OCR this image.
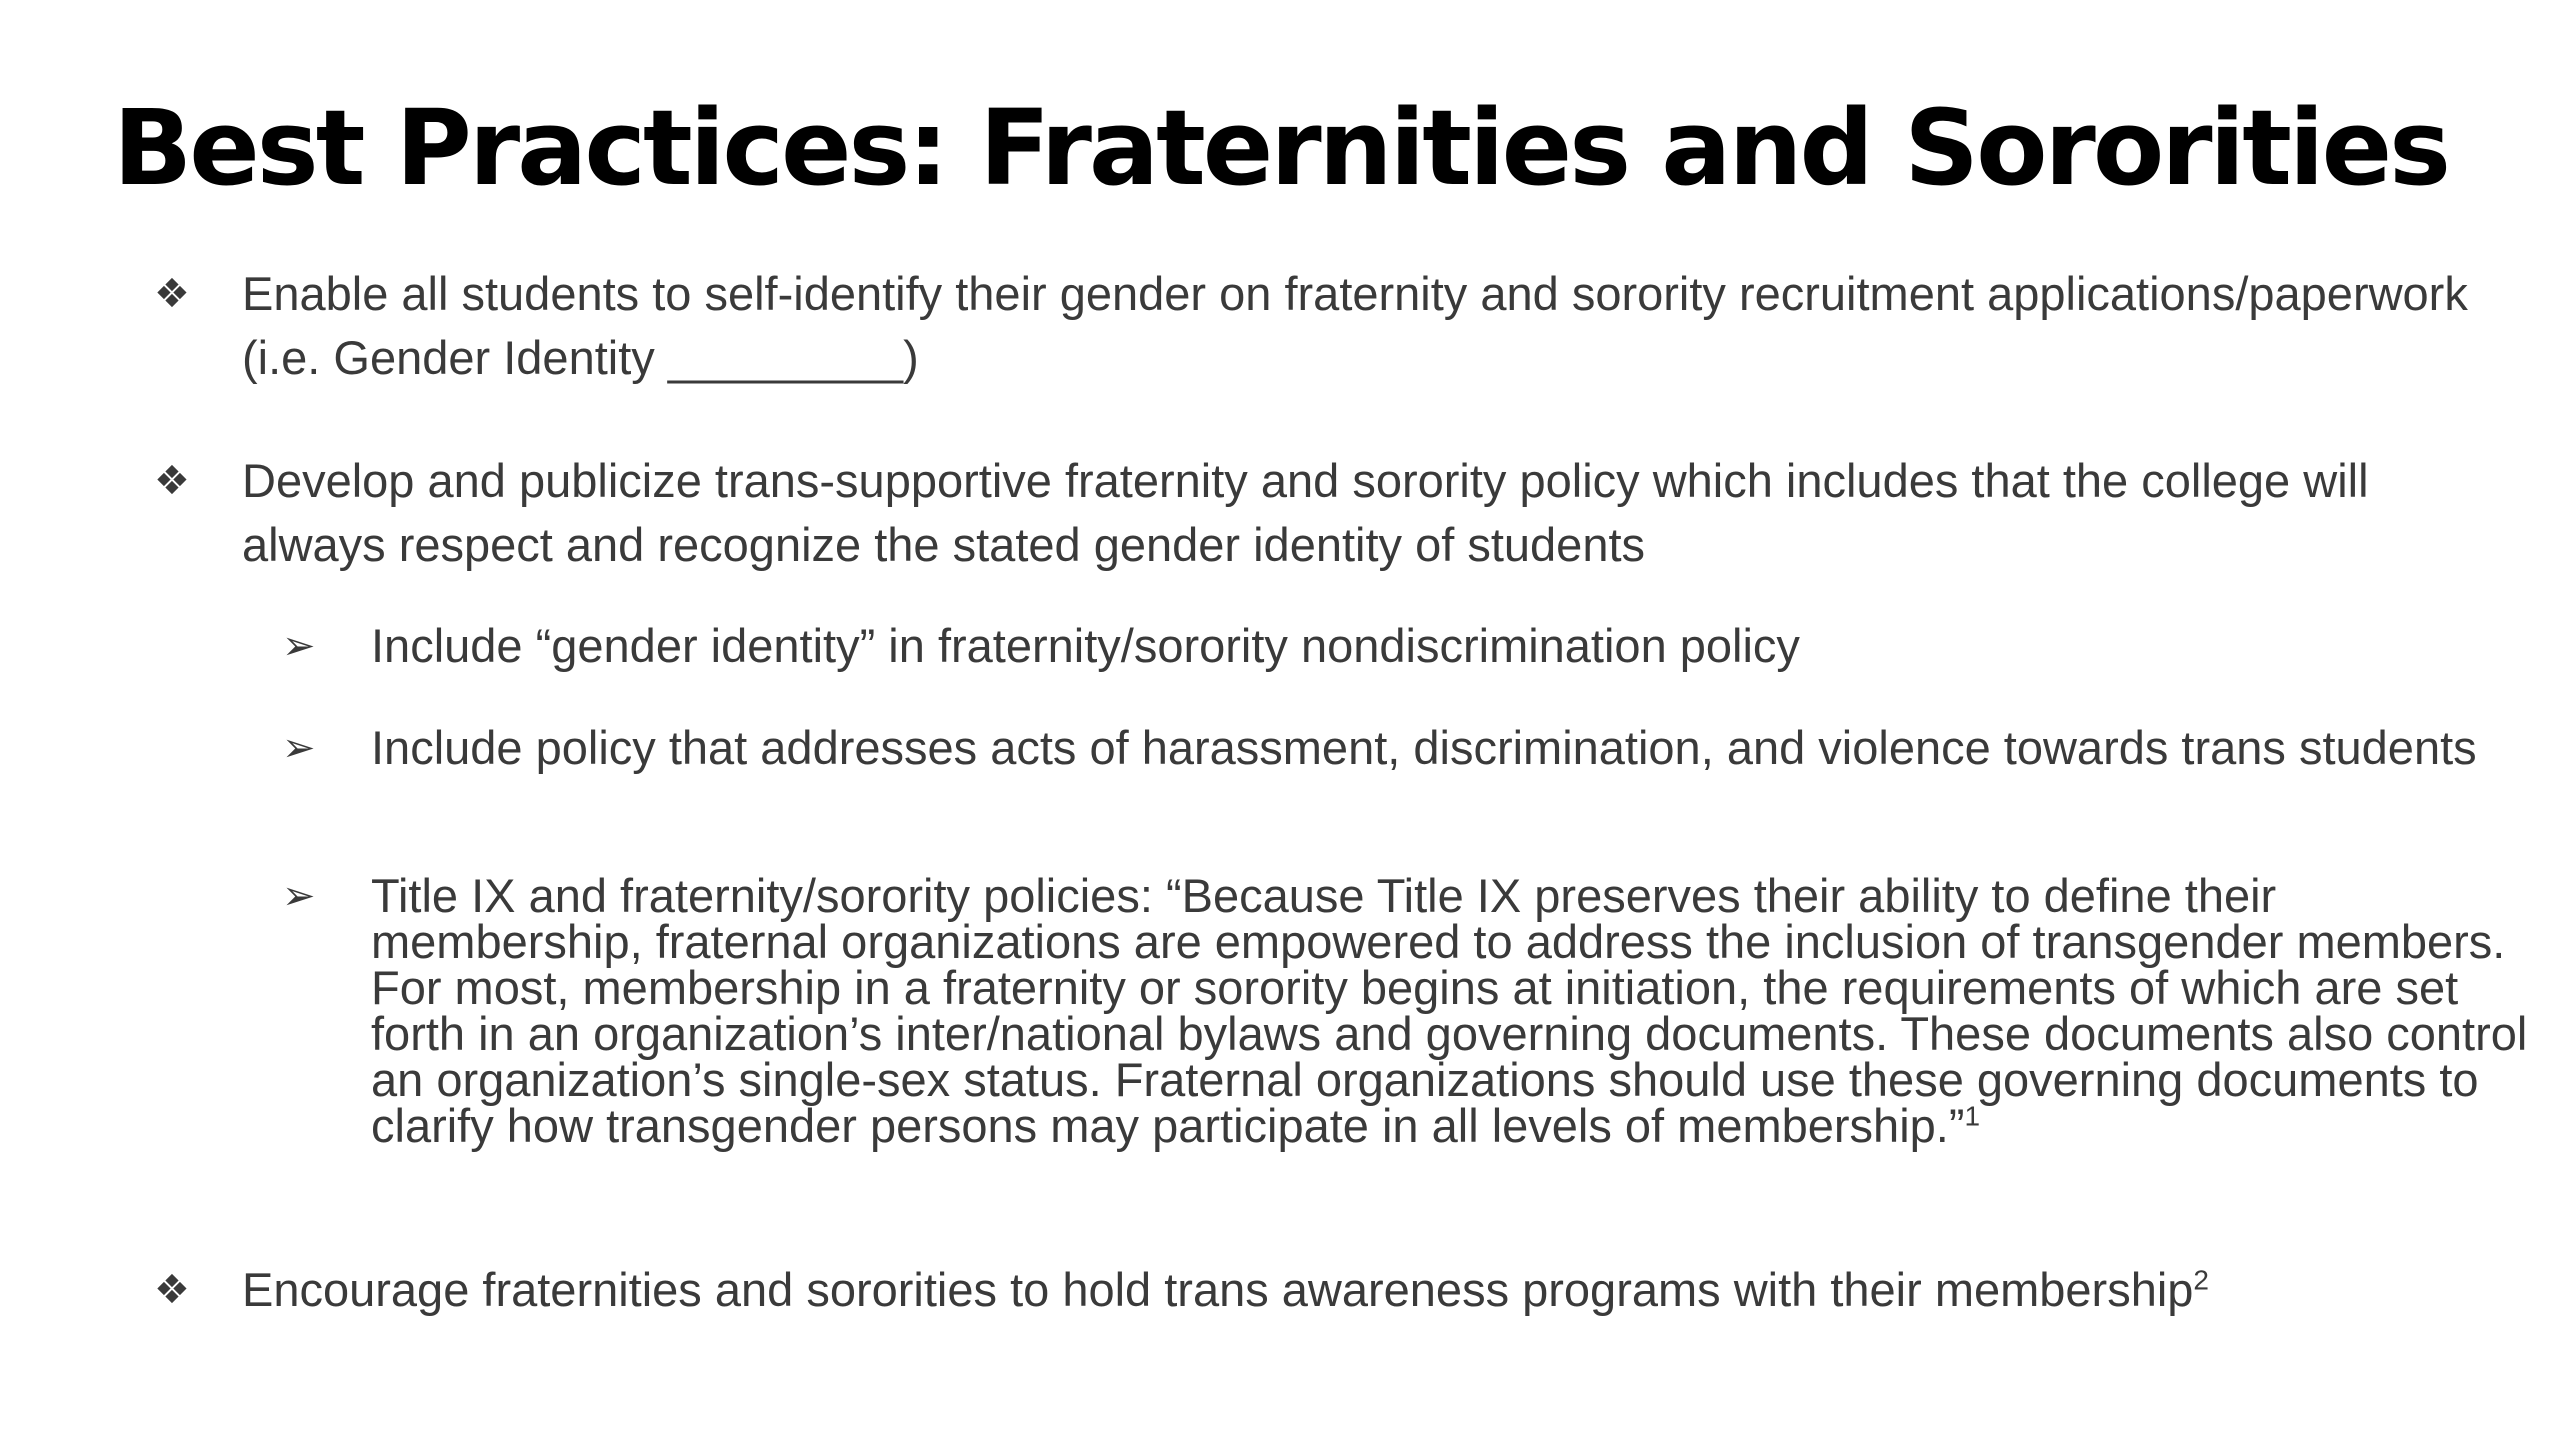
Best Practices: Fraternities and Sororities
❖ Enable all students to self-identify their gender on fraternity and sorority recruitment applications/paperwork (i.e. Gender Identity _________)
❖ Develop and publicize trans-supportive fraternity and sorority policy which includes that the college will always respect and recognize the stated gender identity of students
➢ Include “gender identity” in fraternity/sorority nondiscrimination policy
➢ Include policy that addresses acts of harassment, discrimination, and violence towards trans students
➢ Title IX and fraternity/sorority policies: “Because Title IX preserves their ability to define their membership, fraternal organizations are empowered to address the inclusion of transgender members. For most, membership in a fraternity or sorority begins at initiation, the requirements of which are set forth in an organization’s inter/national bylaws and governing documents. These documents also control an organization’s single-sex status. Fraternal organizations should use these governing documents to clarify how transgender persons may participate in all levels of membership.”$^1$
❖ Encourage fraternities and sororities to hold trans awareness programs with their membership$^2$
